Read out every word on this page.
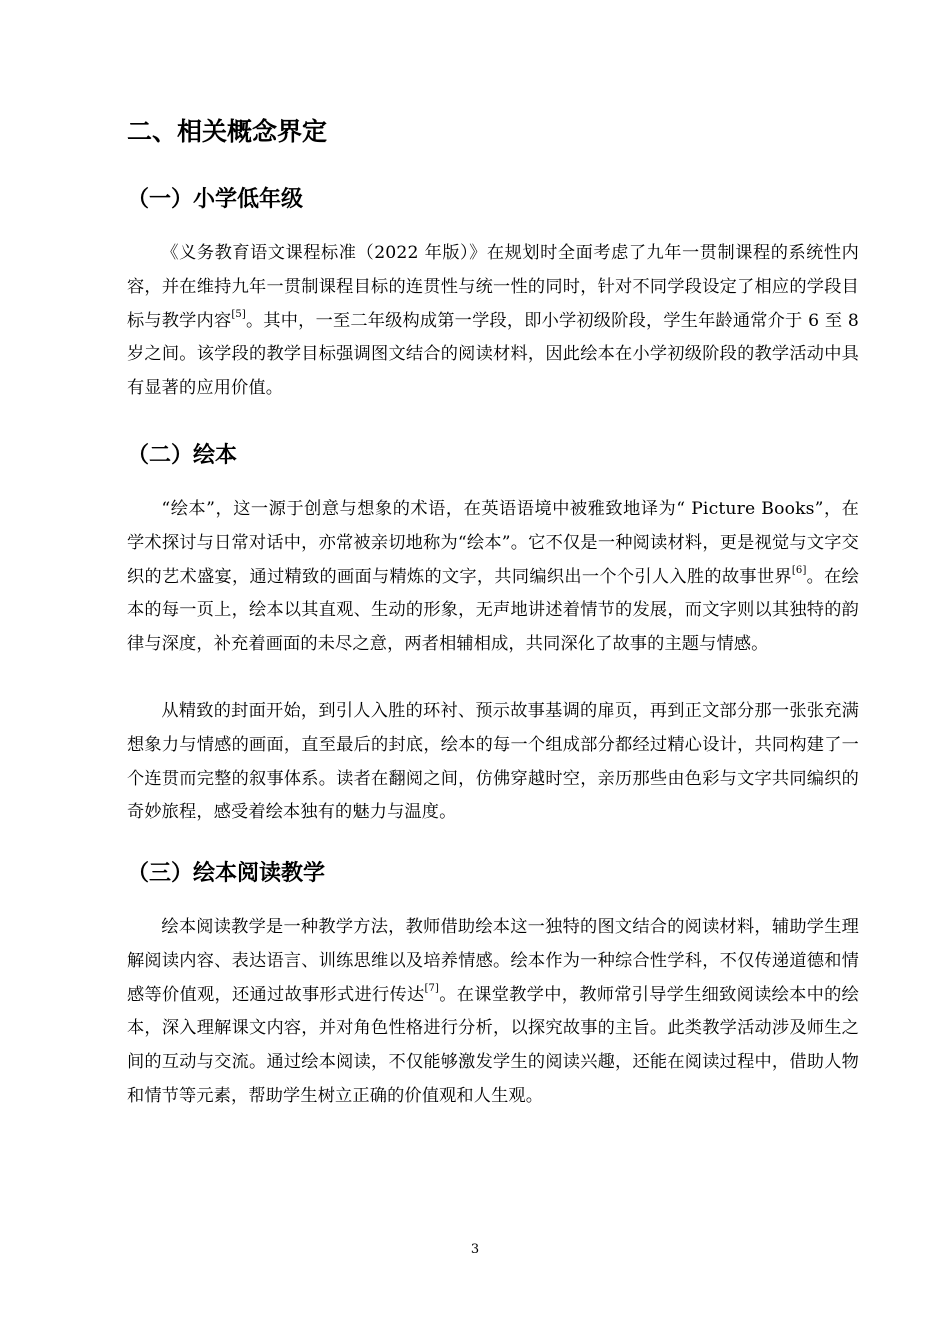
二、相关概念界定
（一）小学低年级

《义务教育语文课程标准（2022 年版）》在规划时全面考虑了九年一贯制课程的系统性内容，并在维持九年一贯制课程目标的连贯性与统一性的同时，针对不同学段设定了相应的学段目标与教学内容[5]。其中，一至二年级构成第一学段，即小学初级阶段，学生年龄通常介于 6 至 8 岁之间。该学段的教学目标强调图文结合的阅读材料，因此绘本在小学初级阶段的教学活动中具有显著的应用价值。

（二）绘本

“绘本”，这一源于创意与想象的术语，在英语语境中被雅致地译为“ Picture Books”，在学术探讨与日常对话中，亦常被亲切地称为“绘本”。它不仅是一种阅读材料，更是视觉与文字交织的艺术盛宴，通过精致的画面与精炼的文字，共同编织出一个个引人入胜的故事世界[6]。在绘本的每一页上，绘本以其直观、生动的形象，无声地讲述着情节的发展，而文字则以其独特的韵律与深度，补充着画面的未尽之意，两者相辅相成，共同深化了故事的主题与情感。

从精致的封面开始，到引人入胜的环衬、预示故事基调的扉页，再到正文部分那一张张充满想象力与情感的画面，直至最后的封底，绘本的每一个组成部分都经过精心设计，共同构建了一个连贯而完整的叙事体系。读者在翻阅之间，仿佛穿越时空，亲历那些由色彩与文字共同编织的奇妙旅程，感受着绘本独有的魅力与温度。

（三）绘本阅读教学

绘本阅读教学是一种教学方法，教师借助绘本这一独特的图文结合的阅读材料，辅助学生理解阅读内容、表达语言、训练思维以及培养情感。绘本作为一种综合性学科，不仅传递道德和情感等价值观，还通过故事形式进行传达[7]。在课堂教学中，教师常引导学生细致阅读绘本中的绘本，深入理解课文内容，并对角色性格进行分析，以探究故事的主旨。此类教学活动涉及师生之间的互动与交流。通过绘本阅读，不仅能够激发学生的阅读兴趣，还能在阅读过程中，借助人物和情节等元素，帮助学生树立正确的价值观和人生观。

3
